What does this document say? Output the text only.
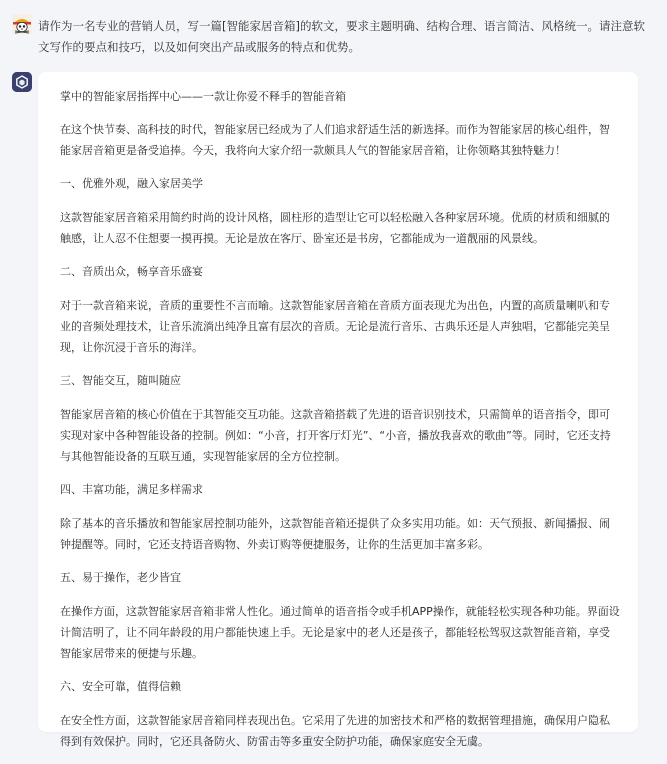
请作为一名专业的营销人员，写一篇[智能家居音箱]的软文，要求主题明确、结构合理、语言简洁、风格统一。请注意软文写作的要点和技巧，以及如何突出产品或服务的特点和优势。

掌中的智能家居指挥中心——一款让你爱不释手的智能音箱

在这个快节奏、高科技的时代，智能家居已经成为了人们追求舒适生活的新选择。而作为智能家居的核心组件，智能家居音箱更是备受追捧。今天，我将向大家介绍一款颇具人气的智能家居音箱，让你领略其独特魅力！

一、优雅外观，融入家居美学

这款智能家居音箱采用简约时尚的设计风格，圆柱形的造型让它可以轻松融入各种家居环境。优质的材质和细腻的触感，让人忍不住想要一摸再摸。无论是放在客厅、卧室还是书房，它都能成为一道靓丽的风景线。

二、音质出众，畅享音乐盛宴

对于一款音箱来说，音质的重要性不言而喻。这款智能家居音箱在音质方面表现尤为出色，内置的高质量喇叭和专业的音频处理技术，让音乐流淌出纯净且富有层次的音质。无论是流行音乐、古典乐还是人声独唱，它都能完美呈现，让你沉浸于音乐的海洋。

三、智能交互，随叫随应

智能家居音箱的核心价值在于其智能交互功能。这款音箱搭载了先进的语音识别技术，只需简单的语音指令，即可实现对家中各种智能设备的控制。例如：“小音，打开客厅灯光”、“小音，播放我喜欢的歌曲”等。同时，它还支持与其他智能设备的互联互通，实现智能家居的全方位控制。

四、丰富功能，满足多样需求

除了基本的音乐播放和智能家居控制功能外，这款智能音箱还提供了众多实用功能。如：天气预报、新闻播报、闹钟提醒等。同时，它还支持语音购物、外卖订购等便捷服务，让你的生活更加丰富多彩。

五、易于操作，老少皆宜

在操作方面，这款智能家居音箱非常人性化。通过简单的语音指令或手机APP操作，就能轻松实现各种功能。界面设计简洁明了，让不同年龄段的用户都能快速上手。无论是家中的老人还是孩子，都能轻松驾驭这款智能音箱，享受智能家居带来的便捷与乐趣。

六、安全可靠，值得信赖

在安全性方面，这款智能家居音箱同样表现出色。它采用了先进的加密技术和严格的数据管理措施，确保用户隐私得到有效保护。同时，它还具备防火、防雷击等多重安全防护功能，确保家庭安全无虞。
